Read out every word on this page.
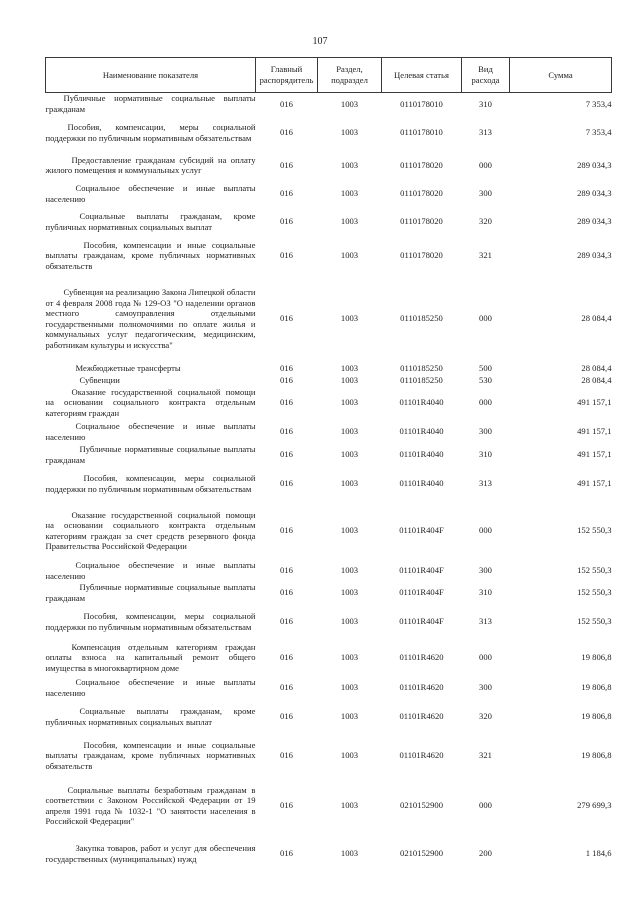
107
Наименование показателя	Главный распорядитель	Раздел, подраздел	Целевая статья	Вид расхода	Сумма
Публичные нормативные социальные выплаты гражданам	016	1003	0110178010	310	7 353,4
Пособия, компенсации, меры социальной поддержки по публичным нормативным обязательствам	016	1003	0110178010	313	7 353,4
Предоставление гражданам субсидий на оплату жилого помещения и коммунальных услуг	016	1003	0110178020	000	289 034,3
Социальное обеспечение и иные выплаты населению	016	1003	0110178020	300	289 034,3
Социальные выплаты гражданам, кроме публичных нормативных социальных выплат	016	1003	0110178020	320	289 034,3
Пособия, компенсации и иные социальные выплаты гражданам, кроме публичных нормативных обязательств	016	1003	0110178020	321	289 034,3
Субвенция на реализацию Закона Липецкой области от 4 февраля 2008 года № 129-ОЗ "О наделении органов местного самоуправления отдельными государственными полномочиями по оплате жилья и коммунальных услуг педагогическим, медицинским, работникам культуры и искусства"	016	1003	0110185250	000	28 084,4
Межбюджетные трансферты	016	1003	0110185250	500	28 084,4
Субвенции	016	1003	0110185250	530	28 084,4
Оказание государственной социальной помощи на основании социального контракта отдельным категориям граждан	016	1003	01101R4040	000	491 157,1
Социальное обеспечение и иные выплаты населению	016	1003	01101R4040	300	491 157,1
Публичные нормативные социальные выплаты гражданам	016	1003	01101R4040	310	491 157,1
Пособия, компенсации, меры социальной поддержки по публичным нормативным обязательствам	016	1003	01101R4040	313	491 157,1
Оказание государственной социальной помощи на основании социального контракта отдельным категориям граждан за счет средств резервного фонда Правительства Российской Федерации	016	1003	01101R404F	000	152 550,3
Социальное обеспечение и иные выплаты населению	016	1003	01101R404F	300	152 550,3
Публичные нормативные социальные выплаты гражданам	016	1003	01101R404F	310	152 550,3
Пособия, компенсации, меры социальной поддержки по публичным нормативным обязательствам	016	1003	01101R404F	313	152 550,3
Компенсация отдельным категориям граждан оплаты взноса на капитальный ремонт общего имущества в многоквартирном доме	016	1003	01101R4620	000	19 806,8
Социальное обеспечение и иные выплаты населению	016	1003	01101R4620	300	19 806,8
Социальные выплаты гражданам, кроме публичных нормативных социальных выплат	016	1003	01101R4620	320	19 806,8
Пособия, компенсации и иные социальные выплаты гражданам, кроме публичных нормативных обязательств	016	1003	01101R4620	321	19 806,8
Социальные выплаты безработным гражданам в соответствии с Законом Российской Федерации от 19 апреля 1991 года № 1032-1 "О занятости населения в Российской Федерации"	016	1003	0210152900	000	279 699,3
Закупка товаров, работ и услуг для обеспечения государственных (муниципальных) нужд	016	1003	0210152900	200	1 184,6
